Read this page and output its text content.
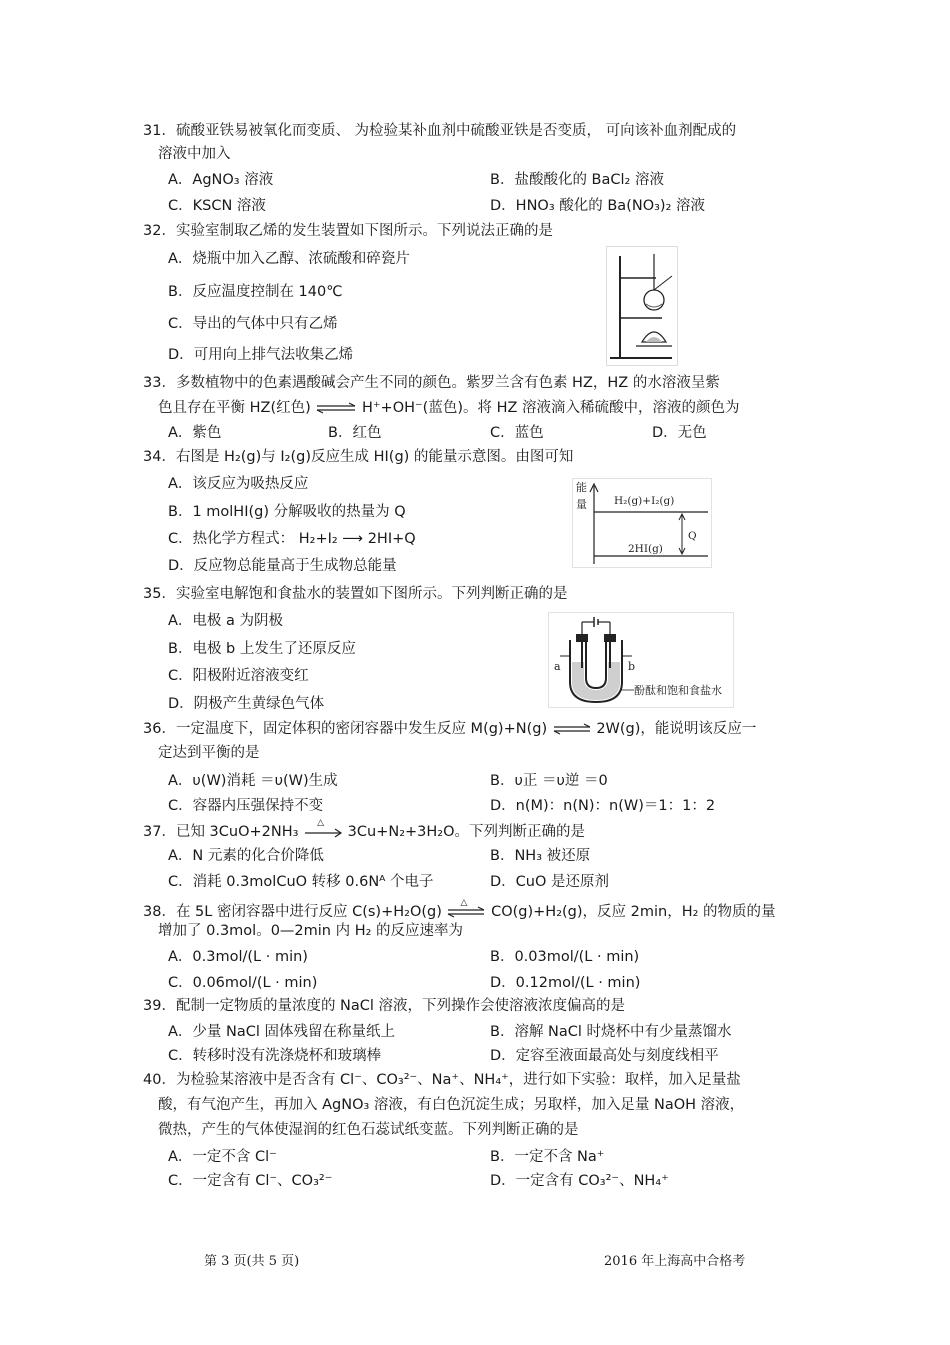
31．硫酸亚铁易被氧化而变质、 为检验某补血剂中硫酸亚铁是否变质， 可向该补血剂配成的
溶液中加入
A．AgNO₃ 溶液	B．盐酸酸化的 BaCl₂ 溶液
C．KSCN 溶液	D．HNO₃ 酸化的 Ba(NO₃)₂ 溶液
32．实验室制取乙烯的发生装置如下图所示。下列说法正确的是
A．烧瓶中加入乙醇、浓硫酸和碎瓷片
B．反应温度控制在 140℃
C．导出的气体中只有乙烯
D．可用向上排气法收集乙烯
33．多数植物中的色素遇酸碱会产生不同的颜色。紫罗兰含有色素 HZ，HZ 的水溶液呈紫
色且存在平衡 HZ(红色) ⇌ H⁺+OH⁻(蓝色)。将 HZ 溶液滴入稀硫酸中，溶液的颜色为
A．紫色	B．红色	C．蓝色	D．无色
34．右图是 H₂(g)与 I₂(g)反应生成 HI(g) 的能量示意图。由图可知
A．该反应为吸热反应
B．1 molHI(g) 分解吸收的热量为 Q
C．热化学方程式： H₂+I₂ ⟶ 2HI+Q
D．反应物总能量高于生成物总能量
能
量	H₂(g)+I₂(g)
Q
2HI(g)
35．实验室电解饱和食盐水的装置如下图所示。下列判断正确的是
A．电极 a 为阴极
B．电极 b 上发生了还原反应
C．阳极附近溶液变红
D．阴极产生黄绿色气体
a	b
酚酞和饱和食盐水
36．一定温度下，固定体积的密闭容器中发生反应 M(g)+N(g) ⇌ 2W(g)，能说明该反应一
定达到平衡的是
A．υ(W)消耗 ＝υ(W)生成	B．υ正 ＝υ逆 ＝0
C．容器内压强保持不变	D．n(M)：n(N)：n(W)＝1：1：2
37．已知 3CuO+2NH₃
△
3Cu+N₂+3H₂O。下列判断正确的是
A．N 元素的化合价降低	B．NH₃ 被还原
C．消耗 0.3molCuO 转移 0.6Nᴬ 个电子	D．CuO 是还原剂
38．在 5L 密闭容器中进行反应 C(s)+H₂O(g)
△
CO(g)+H₂(g)，反应 2min，H₂ 的物质的量
增加了 0.3mol。0—2min 内 H₂ 的反应速率为
A．0.3mol/(L · min)	B．0.03mol/(L · min)
C．0.06mol/(L · min)	D．0.12mol/(L · min)
39．配制一定物质的量浓度的 NaCl 溶液，下列操作会使溶液浓度偏高的是
A．少量 NaCl 固体残留在称量纸上	B．溶解 NaCl 时烧杯中有少量蒸馏水
C．转移时没有洗涤烧杯和玻璃棒	D．定容至液面最高处与刻度线相平
40．为检验某溶液中是否含有 Cl⁻、CO₃²⁻、Na⁺、NH₄⁺，进行如下实验：取样，加入足量盐
酸，有气泡产生，再加入 AgNO₃ 溶液，有白色沉淀生成；另取样，加入足量 NaOH 溶液，
微热，产生的气体使湿润的红色石蕊试纸变蓝。下列判断正确的是
A．一定不含 Cl⁻	B．一定不含 Na⁺
C．一定含有 Cl⁻、CO₃²⁻	D．一定含有 CO₃²⁻、NH₄⁺
第 3 页(共 5 页)	2016 年上海高中合格考
